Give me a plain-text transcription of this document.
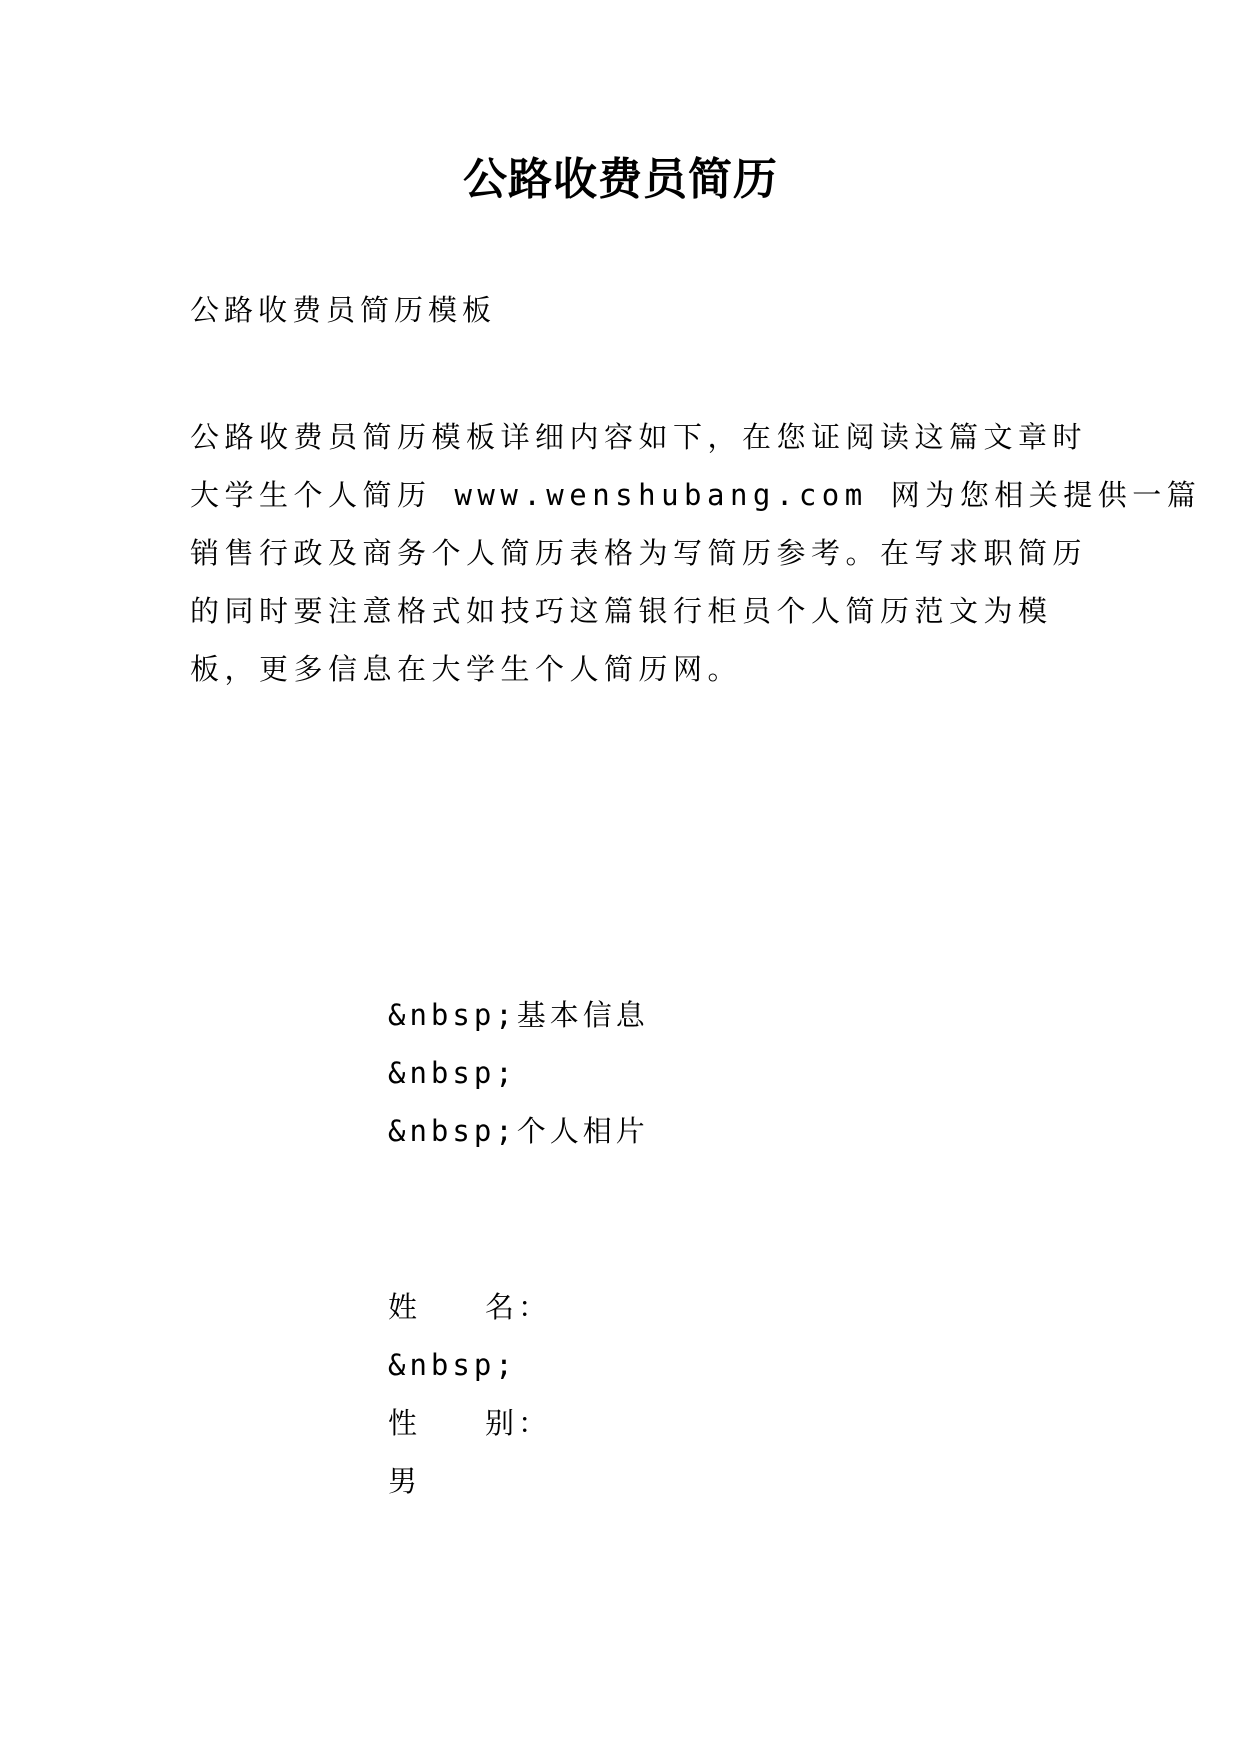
公路收费员简历

公路收费员简历模板

公路收费员简历模板详细内容如下，在您证阅读这篇文章时
大学生个人简历 www.wenshubang.com 网为您相关提供一篇
销售行政及商务个人简历表格为写简历参考。在写求职简历
的同时要注意格式如技巧这篇银行柜员个人简历范文为模
板，更多信息在大学生个人简历网。
&nbsp;基本信息
&nbsp;
&nbsp;个人相片
姓 名：
&nbsp;
性 别：
男
